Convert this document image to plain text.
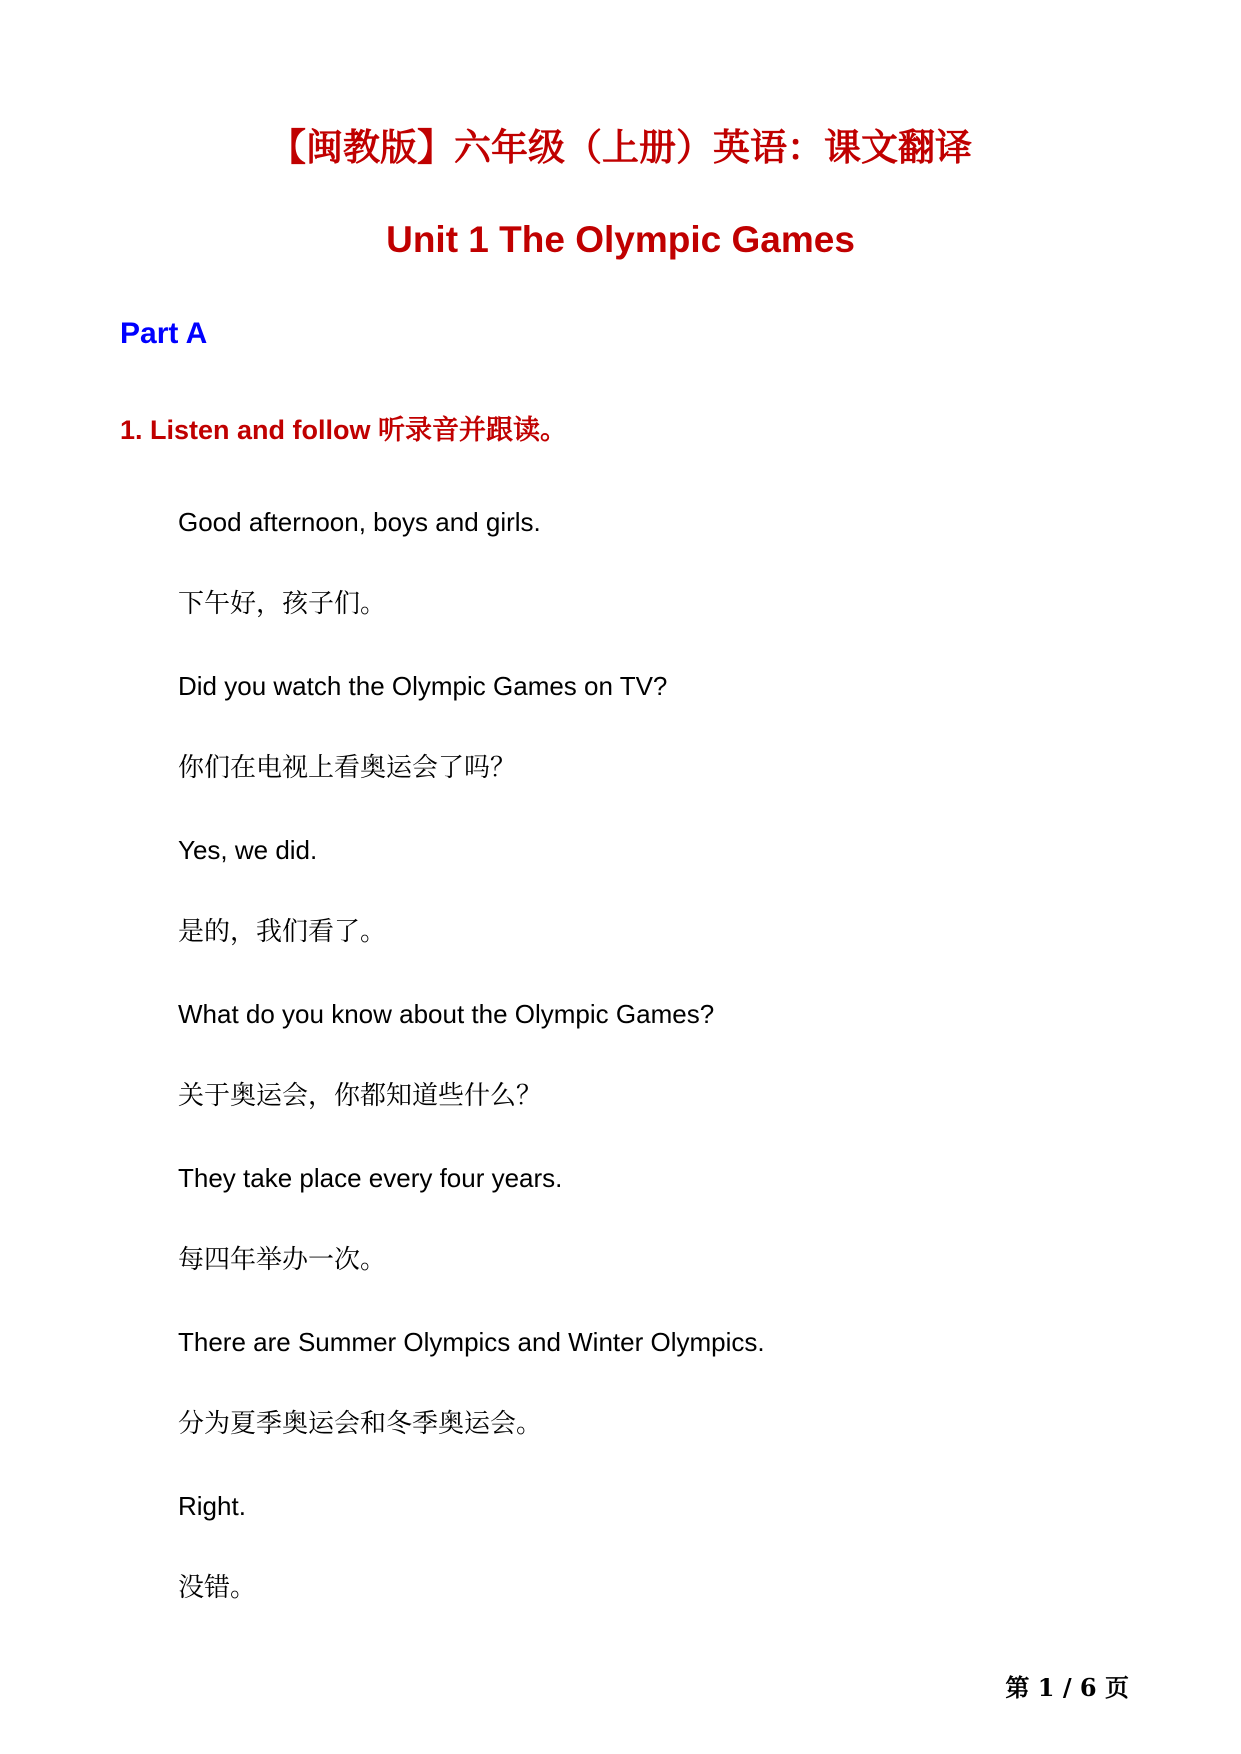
【闽教版】六年级（上册）英语：课文翻译
Unit 1 The Olympic Games
Part A
1. Listen and follow 听录音并跟读。
Good afternoon, boys and girls.
下午好，孩子们。
Did you watch the Olympic Games on TV?
你们在电视上看奥运会了吗？
Yes, we did.
是的，我们看了。
What do you know about the Olympic Games?
关于奥运会，你都知道些什么？
They take place every four years.
每四年举办一次。
There are Summer Olympics and Winter Olympics.
分为夏季奥运会和冬季奥运会。
Right.
没错。
第 1 / 6 页
